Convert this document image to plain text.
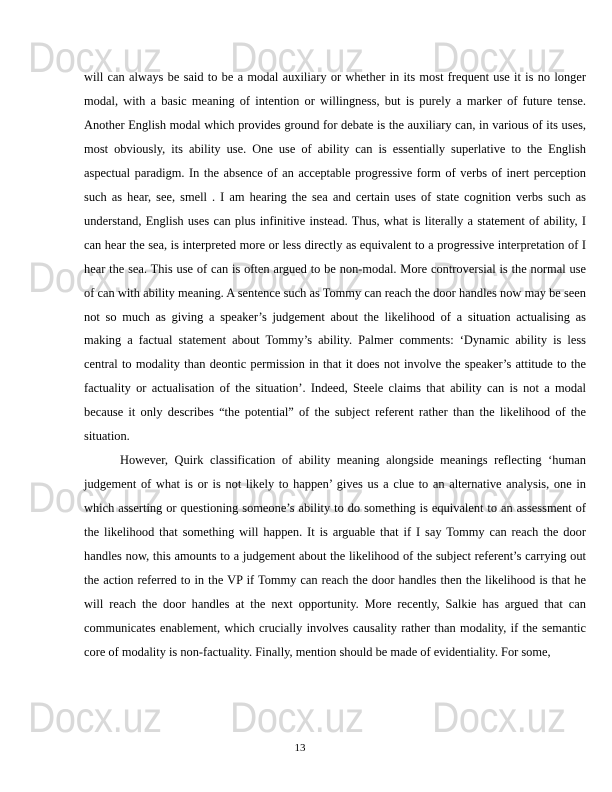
Docx.uz Docx.uz Docx.uz
Docx.uz Docx.uz Docx.uz
Docx.uz Docx.uz Docx.uz
Docx.uz Docx.uz Docx.uz

will can always be said to be a modal auxiliary or whether in its most frequent use it is no longer modal, with a basic meaning of intention or willingness, but is purely a marker of future tense. Another English modal which provides ground for debate is the auxiliary can, in various of its uses, most obviously, its ability use. One use of ability can is essentially superlative to the English aspectual paradigm. In the absence of an acceptable progressive form of verbs of inert perception such as hear, see, smell . I am hearing the sea and certain uses of state cognition verbs such as understand, English uses can plus infinitive instead. Thus, what is literally a statement of ability, I can hear the sea, is interpreted more or less directly as equivalent to a progressive interpretation of I hear the sea. This use of can is often argued to be non-modal. More controversial is the normal use of can with ability meaning. A sentence such as Tommy can reach the door handles now may be seen not so much as giving a speaker’s judgement about the likelihood of a situation actualising as making a factual statement about Tommy’s ability. Palmer comments: ‘Dynamic ability is less central to modality than deontic permission in that it does not involve the speaker’s attitude to the factuality or actualisation of the situation’. Indeed, Steele claims that ability can is not a modal because it only describes “the potential” of the subject referent rather than the likelihood of the situation.

However, Quirk classification of ability meaning alongside meanings reflecting ‘human judgement of what is or is not likely to happen’ gives us a clue to an alternative analysis, one in which asserting or questioning someone’s ability to do something is equivalent to an assessment of the likelihood that something will happen. It is arguable that if I say Tommy can reach the door handles now, this amounts to a judgement about the likelihood of the subject referent’s carrying out the action referred to in the VP if Tommy can reach the door handles then the likelihood is that he will reach the door handles at the next opportunity. More recently, Salkie has argued that can communicates enablement, which crucially involves causality rather than modality, if the semantic core of modality is non-factuality. Finally, mention should be made of evidentiality. For some,

13
